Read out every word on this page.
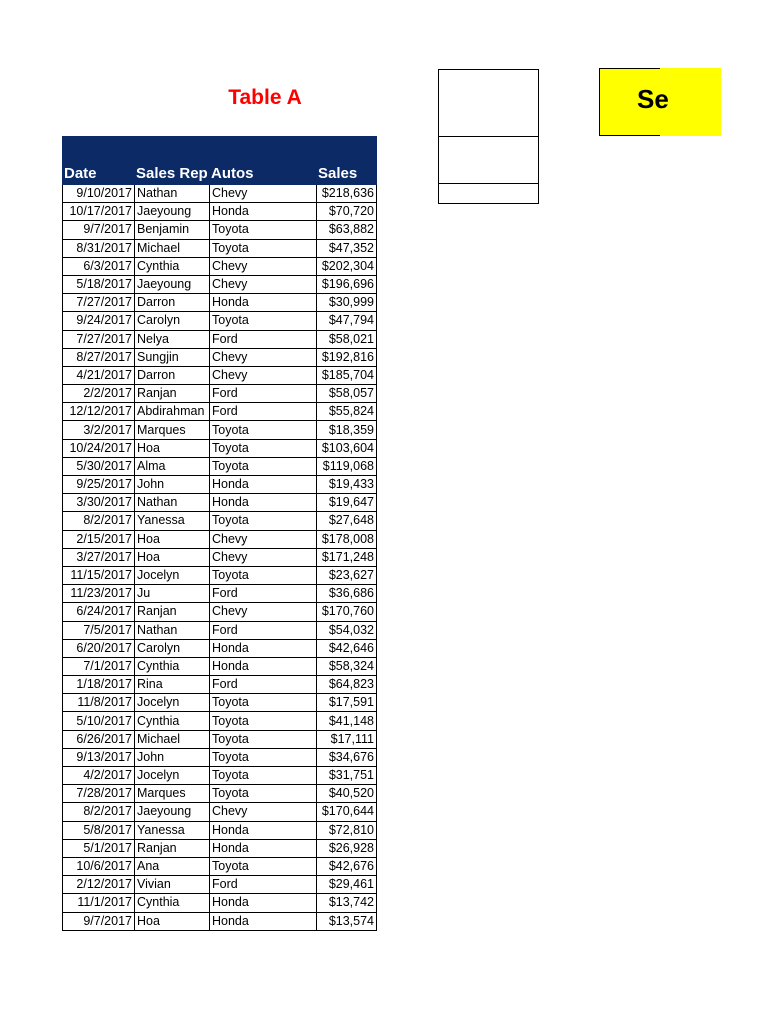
Table A
Date	Sales Rep	Autos	Sales
9/10/2017	Nathan	Chevy	$218,636
10/17/2017	Jaeyoung	Honda	$70,720
9/7/2017	Benjamin	Toyota	$63,882
8/31/2017	Michael	Toyota	$47,352
6/3/2017	Cynthia	Chevy	$202,304
5/18/2017	Jaeyoung	Chevy	$196,696
7/27/2017	Darron	Honda	$30,999
9/24/2017	Carolyn	Toyota	$47,794
7/27/2017	Nelya	Ford	$58,021
8/27/2017	Sungjin	Chevy	$192,816
4/21/2017	Darron	Chevy	$185,704
2/2/2017	Ranjan	Ford	$58,057
12/12/2017	Abdirahman	Ford	$55,824
3/2/2017	Marques	Toyota	$18,359
10/24/2017	Hoa	Toyota	$103,604
5/30/2017	Alma	Toyota	$119,068
9/25/2017	John	Honda	$19,433
3/30/2017	Nathan	Honda	$19,647
8/2/2017	Yanessa	Toyota	$27,648
2/15/2017	Hoa	Chevy	$178,008
3/27/2017	Hoa	Chevy	$171,248
11/15/2017	Jocelyn	Toyota	$23,627
11/23/2017	Ju	Ford	$36,686
6/24/2017	Ranjan	Chevy	$170,760
7/5/2017	Nathan	Ford	$54,032
6/20/2017	Carolyn	Honda	$42,646
7/1/2017	Cynthia	Honda	$58,324
1/18/2017	Rina	Ford	$64,823
11/8/2017	Jocelyn	Toyota	$17,591
5/10/2017	Cynthia	Toyota	$41,148
6/26/2017	Michael	Toyota	$17,111
9/13/2017	John	Toyota	$34,676
4/2/2017	Jocelyn	Toyota	$31,751
7/28/2017	Marques	Toyota	$40,520
8/2/2017	Jaeyoung	Chevy	$170,644
5/8/2017	Yanessa	Honda	$72,810
5/1/2017	Ranjan	Honda	$26,928
10/6/2017	Ana	Toyota	$42,676
2/12/2017	Vivian	Ford	$29,461
11/1/2017	Cynthia	Honda	$13,742
9/7/2017	Hoa	Honda	$13,574
Se
